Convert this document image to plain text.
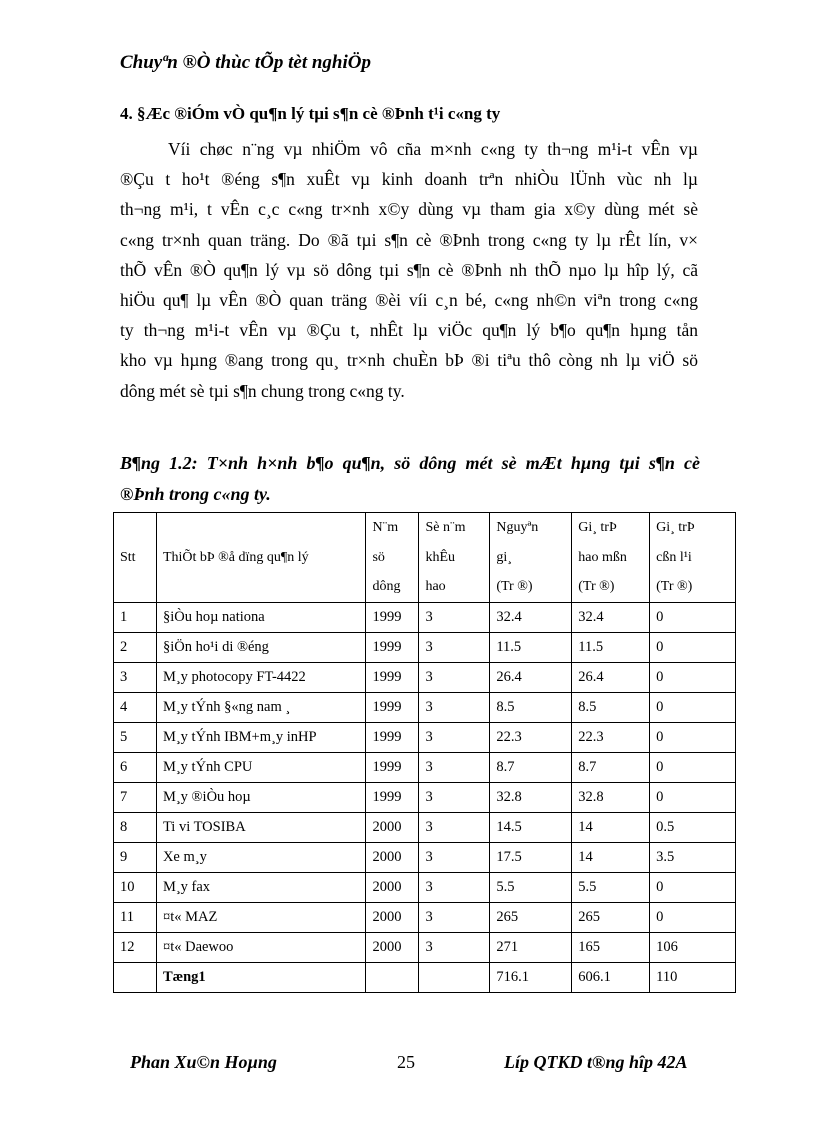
Chuyªn ®Ò thùc tÕp tèt nghiÖp
4. §Æc ®iÓm vÒ qu¶n lý tµi s¶n cè ®Þnh t¹i c«ng ty
Víi chøc n¨ng vµ nhiÖm vô cña m×nh c«ng ty th¬ng m¹i-t vÊn vµ
®Çu t ho¹t ®éng s¶n xuÊt vµ kinh doanh trªn nhiÒu lÜnh vùc nh lµ
th¬ng m¹i, t vÊn c¸c c«ng tr×nh x©y dùng vµ tham gia x©y dùng mét sè
c«ng tr×nh quan träng. Do ®ã tµi s¶n cè ®Þnh trong c«ng ty lµ rÊt lín, v×
thÕ vÊn ®Ò qu¶n lý vµ sö dông tµi s¶n cè ®Þnh nh thÕ nµo lµ hîp lý, cã
hiÖu qu¶ lµ vÊn ®Ò quan träng ®èi víi c¸n bé, c«ng nh©n viªn trong c«ng
ty th¬ng m¹i-t vÊn vµ ®Çu t, nhÊt lµ viÖc qu¶n lý b¶o qu¶n hµng tån
kho vµ hµng ®ang trong qu¸ tr×nh chuÈn bÞ ®i tiªu thô còng nh lµ viÖ sö
dông mét sè tµi s¶n chung trong c«ng ty.
B¶ng 1.2: T×nh h×nh b¶o qu¶n, sö dông mét sè mÆt hµng tµi s¶n cè
®Þnh trong c«ng ty.
Stt	ThiÕt bÞ ®å dïng qu¶n lý	N¨m
sö
dông	Sè n¨m
khÊu
hao	Nguyªn
gi¸
(Tr ®)	Gi¸ trÞ
hao mßn
(Tr ®)	Gi¸ trÞ
cßn l¹i
(Tr ®)

1	§iÒu hoµ nationa	1999	3	32.4	32.4	0
2	§iÖn ho¹i di ®éng	1999	3	11.5	11.5	0
3	M¸y photocopy FT-4422	1999	3	26.4	26.4	0
4	M¸y tÝnh §«ng nam ¸	1999	3	8.5	8.5	0
5	M¸y tÝnh IBM+m¸y inHP	1999	3	22.3	22.3	0
6	M¸y tÝnh CPU	1999	3	8.7	8.7	0
7	M¸y ®iÒu hoµ	1999	3	32.8	32.8	0
8	Ti vi TOSIBA	2000	3	14.5	14	0.5
9	Xe m¸y	2000	3	17.5	14	3.5
10	M¸y fax	2000	3	5.5	5.5	0
11	¤t« MAZ	2000	3	265	265	0
12	¤t« Daewoo	2000	3	271	165	106
	Tæng1			716.1	606.1	110
Phan Xu©n Hoµng	25	Líp QTKD t®ng hîp 42A
